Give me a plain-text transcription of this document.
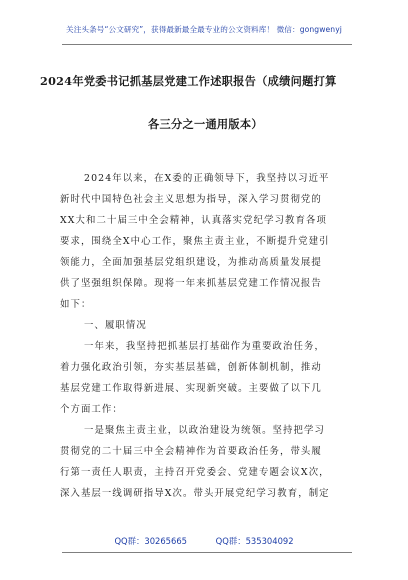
关注头条号“公文研究”，获得最新最全最专业的公文资料库！ 微信：gongwenyj
2024年党委书记抓基层党建工作述职报告（成绩问题打算
各三分之一通用版本）
2024年以来，在X委的正确领导下，我坚持以习近平
新时代中国特色社会主义思想为指导，深入学习贯彻党的
XX大和二十届三中全会精神，认真落实党纪学习教育各项
要求，围绕全X中心工作，聚焦主责主业，不断提升党建引
领能力，全面加强基层党组织建设，为推动高质量发展提
供了坚强组织保障。现将一年来抓基层党建工作情况报告
如下：
一、履职情况
一年来，我坚持把抓基层打基础作为重要政治任务，
着力强化政治引领，夯实基层基础，创新体制机制，推动
基层党建工作取得新进展、实现新突破。主要做了以下几
个方面工作：
一是聚焦主责主业，以政治建设为统领。坚持把学习
贯彻党的二十届三中全会精神作为首要政治任务，带头履
行第一责任人职责，主持召开党委会、党建专题会议X次，
深入基层一线调研指导X次。带头开展党纪学习教育，制定
QQ群：30265665	QQ群：535304092
